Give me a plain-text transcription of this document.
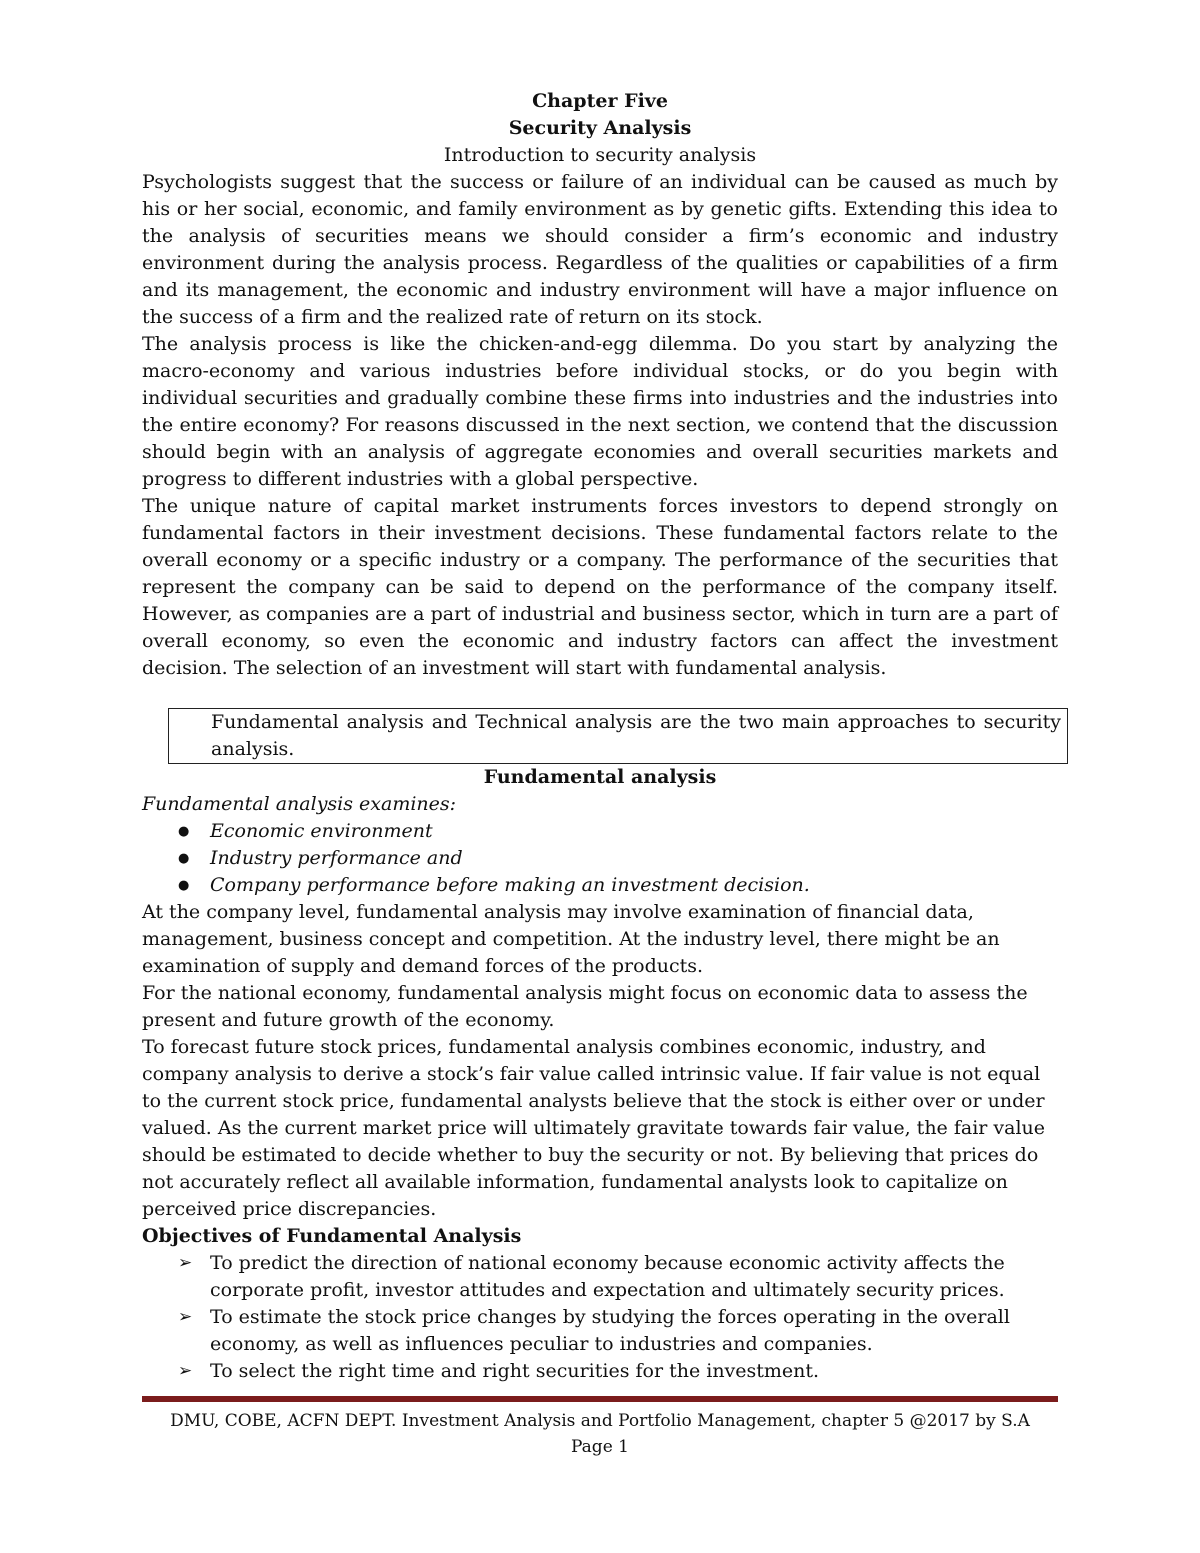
Chapter Five
Security Analysis
Introduction to security analysis

Psychologists suggest that the success or failure of an individual can be caused as much by his or her social, economic, and family environment as by genetic gifts. Extending this idea to the analysis of securities means we should consider a firm’s economic and industry environment during the analysis process. Regardless of the qualities or capabilities of a firm and its management, the economic and industry environment will have a major influence on the success of a firm and the realized rate of return on its stock.

The analysis process is like the chicken-and-egg dilemma. Do you start by analyzing the macro-economy and various industries before individual stocks, or do you begin with individual securities and gradually combine these firms into industries and the industries into the entire economy? For reasons discussed in the next section, we contend that the discussion should begin with an analysis of aggregate economies and overall securities markets and progress to different industries with a global perspective.

The unique nature of capital market instruments forces investors to depend strongly on fundamental factors in their investment decisions. These fundamental factors relate to the overall economy or a specific industry or a company. The performance of the securities that represent the company can be said to depend on the performance of the company itself. However, as companies are a part of industrial and business sector, which in turn are a part of overall economy, so even the economic and industry factors can affect the investment decision. The selection of an investment will start with fundamental analysis.

Fundamental analysis and Technical analysis are the two main approaches to security analysis.
Fundamental analysis

Fundamental analysis examines:

● Economic environment
● Industry performance and
● Company performance before making an investment decision.

At the company level, fundamental analysis may involve examination of financial data, management, business concept and competition. At the industry level, there might be an examination of supply and demand forces of the products.

For the national economy, fundamental analysis might focus on economic data to assess the present and future growth of the economy.

To forecast future stock prices, fundamental analysis combines economic, industry, and company analysis to derive a stock’s fair value called intrinsic value. If fair value is not equal to the current stock price, fundamental analysts believe that the stock is either over or under valued. As the current market price will ultimately gravitate towards fair value, the fair value should be estimated to decide whether to buy the security or not. By believing that prices do not accurately reflect all available information, fundamental analysts look to capitalize on perceived price discrepancies.

Objectives of Fundamental Analysis
➢ To predict the direction of national economy because economic activity affects the corporate profit, investor attitudes and expectation and ultimately security prices.
➢ To estimate the stock price changes by studying the forces operating in the overall economy, as well as influences peculiar to industries and companies.
➢ To select the right time and right securities for the investment.
DMU, COBE, ACFN DEPT. Investment Analysis and Portfolio Management, chapter 5 @2017 by S.A
Page 1
